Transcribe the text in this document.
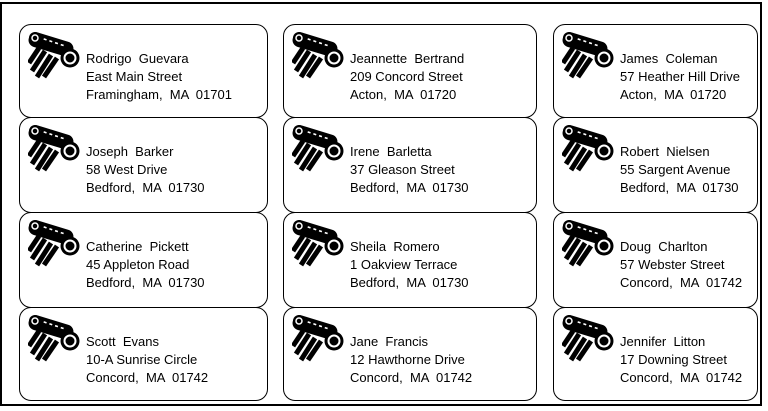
Rodrigo  Guevara
East Main Street
Framingham,  MA  01701
Jeannette  Bertrand
209 Concord Street
Acton,  MA  01720
James  Coleman
57 Heather Hill Drive
Acton,  MA  01720
Joseph  Barker
58 West Drive
Bedford,  MA  01730
Irene  Barletta
37 Gleason Street
Bedford,  MA  01730
Robert  Nielsen
55 Sargent Avenue
Bedford,  MA  01730
Catherine  Pickett
45 Appleton Road
Bedford,  MA  01730
Sheila  Romero
1 Oakview Terrace
Bedford,  MA  01730
Doug  Charlton
57 Webster Street
Concord,  MA  01742
Scott  Evans
10-A Sunrise Circle
Concord,  MA  01742
Jane  Francis
12 Hawthorne Drive
Concord,  MA  01742
Jennifer  Litton
17 Downing Street
Concord,  MA  01742
